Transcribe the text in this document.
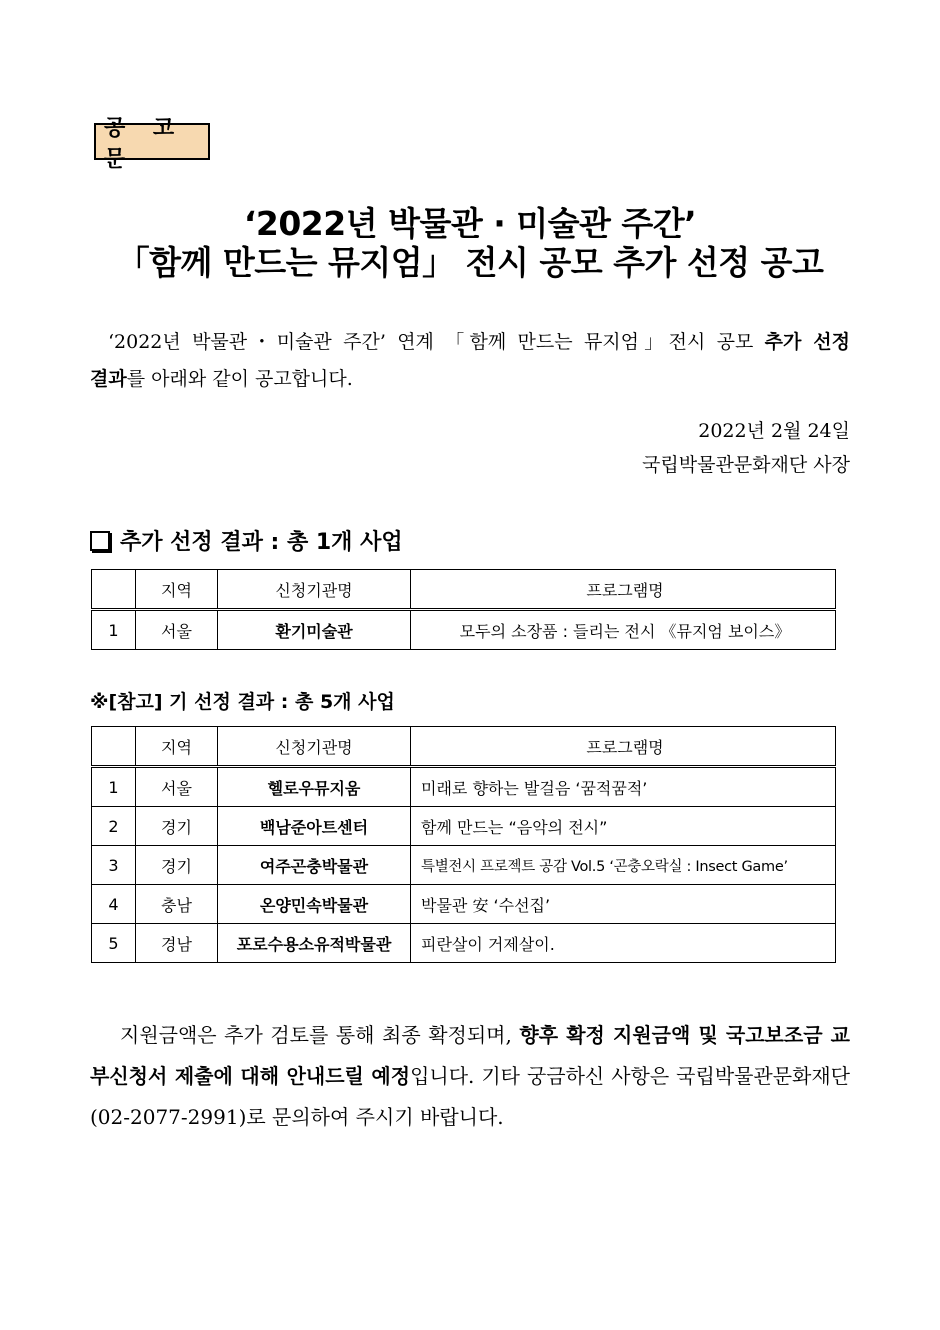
공 고 문
‘2022년 박물관 · 미술관 주간’
「함께 만드는 뮤지엄」 전시 공모 추가 선정 공고

‘2022년 박물관・미술관 주간’ 연계 「함께 만드는 뮤지엄」전시 공모 추가 선정
결과를 아래와 같이 공고합니다.

2022년 2월 24일
국립박물관문화재단 사장
추가 선정 결과 : 총 1개 사업
	지역	신청기관명	프로그램명
1	서울	환기미술관	모두의 소장품 : 들리는 전시 《뮤지엄 보이스》
※[참고] 기 선정 결과 : 총 5개 사업
	지역	신청기관명	프로그램명
1	서울	헬로우뮤지움	미래로 향하는 발걸음 ‘꿈적꿈적’
2	경기	백남준아트센터	함께 만드는 “음악의 전시”
3	경기	여주곤충박물관	특별전시 프로젝트 공감 Vol.5 ‘곤충오락실 : Insect Game’
4	충남	온양민속박물관	박물관 安 ‘수선집’
5	경남	포로수용소유적박물관	피란살이 거제살이.

지원금액은 추가 검토를 통해 최종 확정되며, 향후 확정 지원금액 및 국고보조금 교부신청서 제출에 대해 안내드릴 예정입니다. 기타 궁금하신 사항은 국립박물관문화재단(02-2077-2991)로 문의하여 주시기 바랍니다.
